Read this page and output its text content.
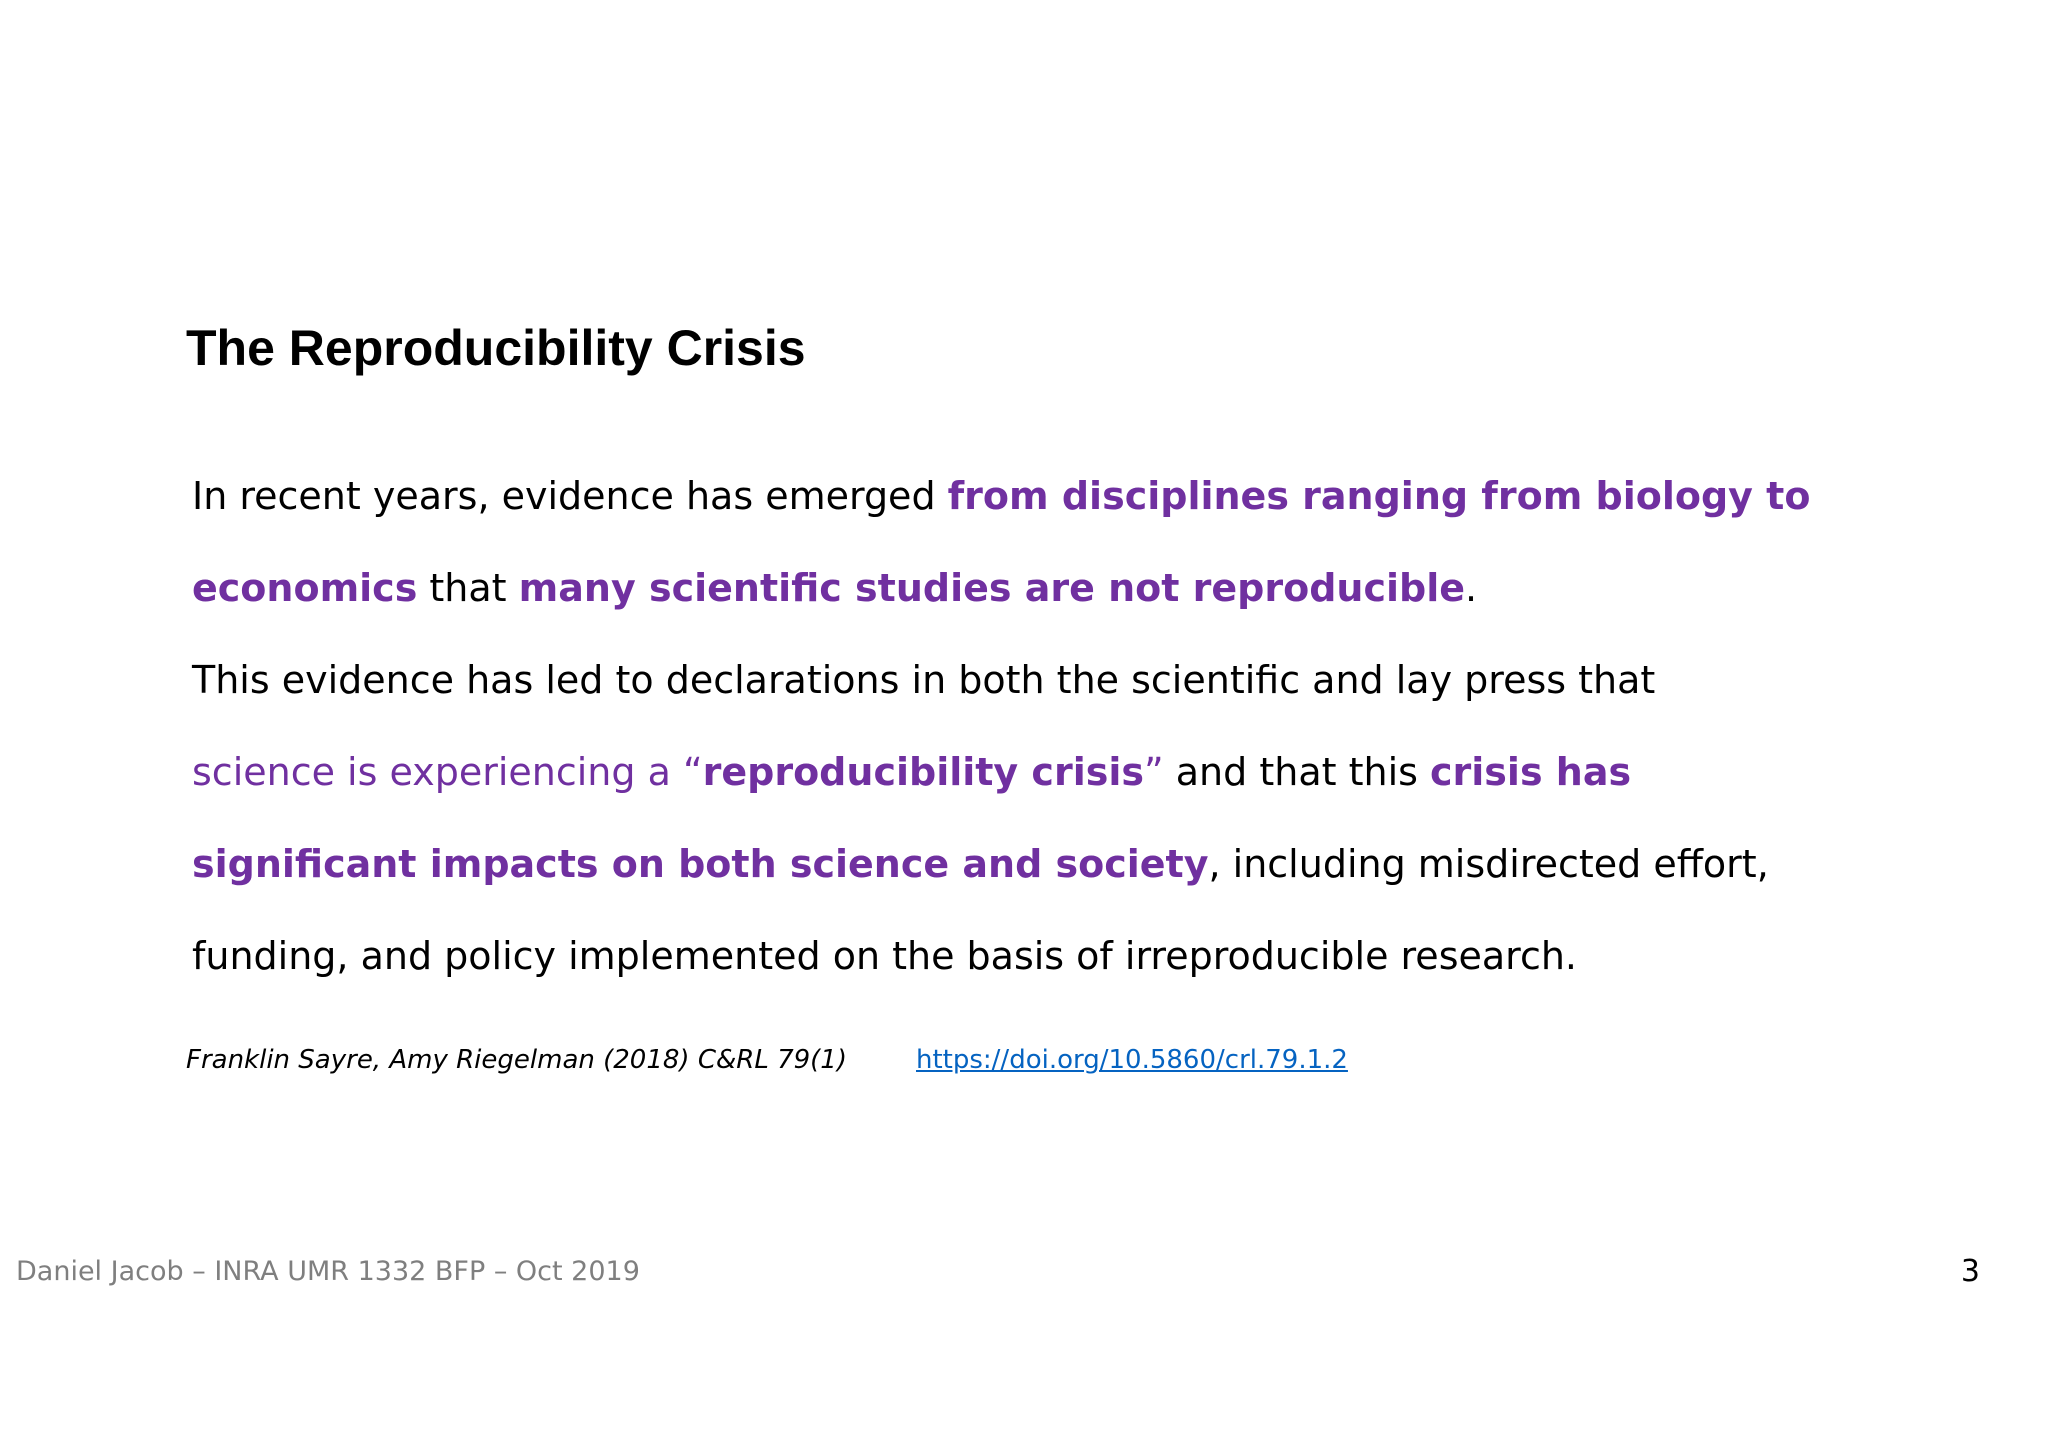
The Reproducibility Crisis
In recent years, evidence has emerged from disciplines ranging from biology to
economics that many scientific studies are not reproducible.
This evidence has led to declarations in both the scientific and lay press that
science is experiencing a “reproducibility crisis” and that this crisis has
significant impacts on both science and society, including misdirected effort,
funding, and policy implemented on the basis of irreproducible research.
Franklin Sayre, Amy Riegelman (2018) C&RL 79(1)	https://doi.org/10.5860/crl.79.1.2
Daniel Jacob – INRA UMR 1332 BFP – Oct 2019	3
